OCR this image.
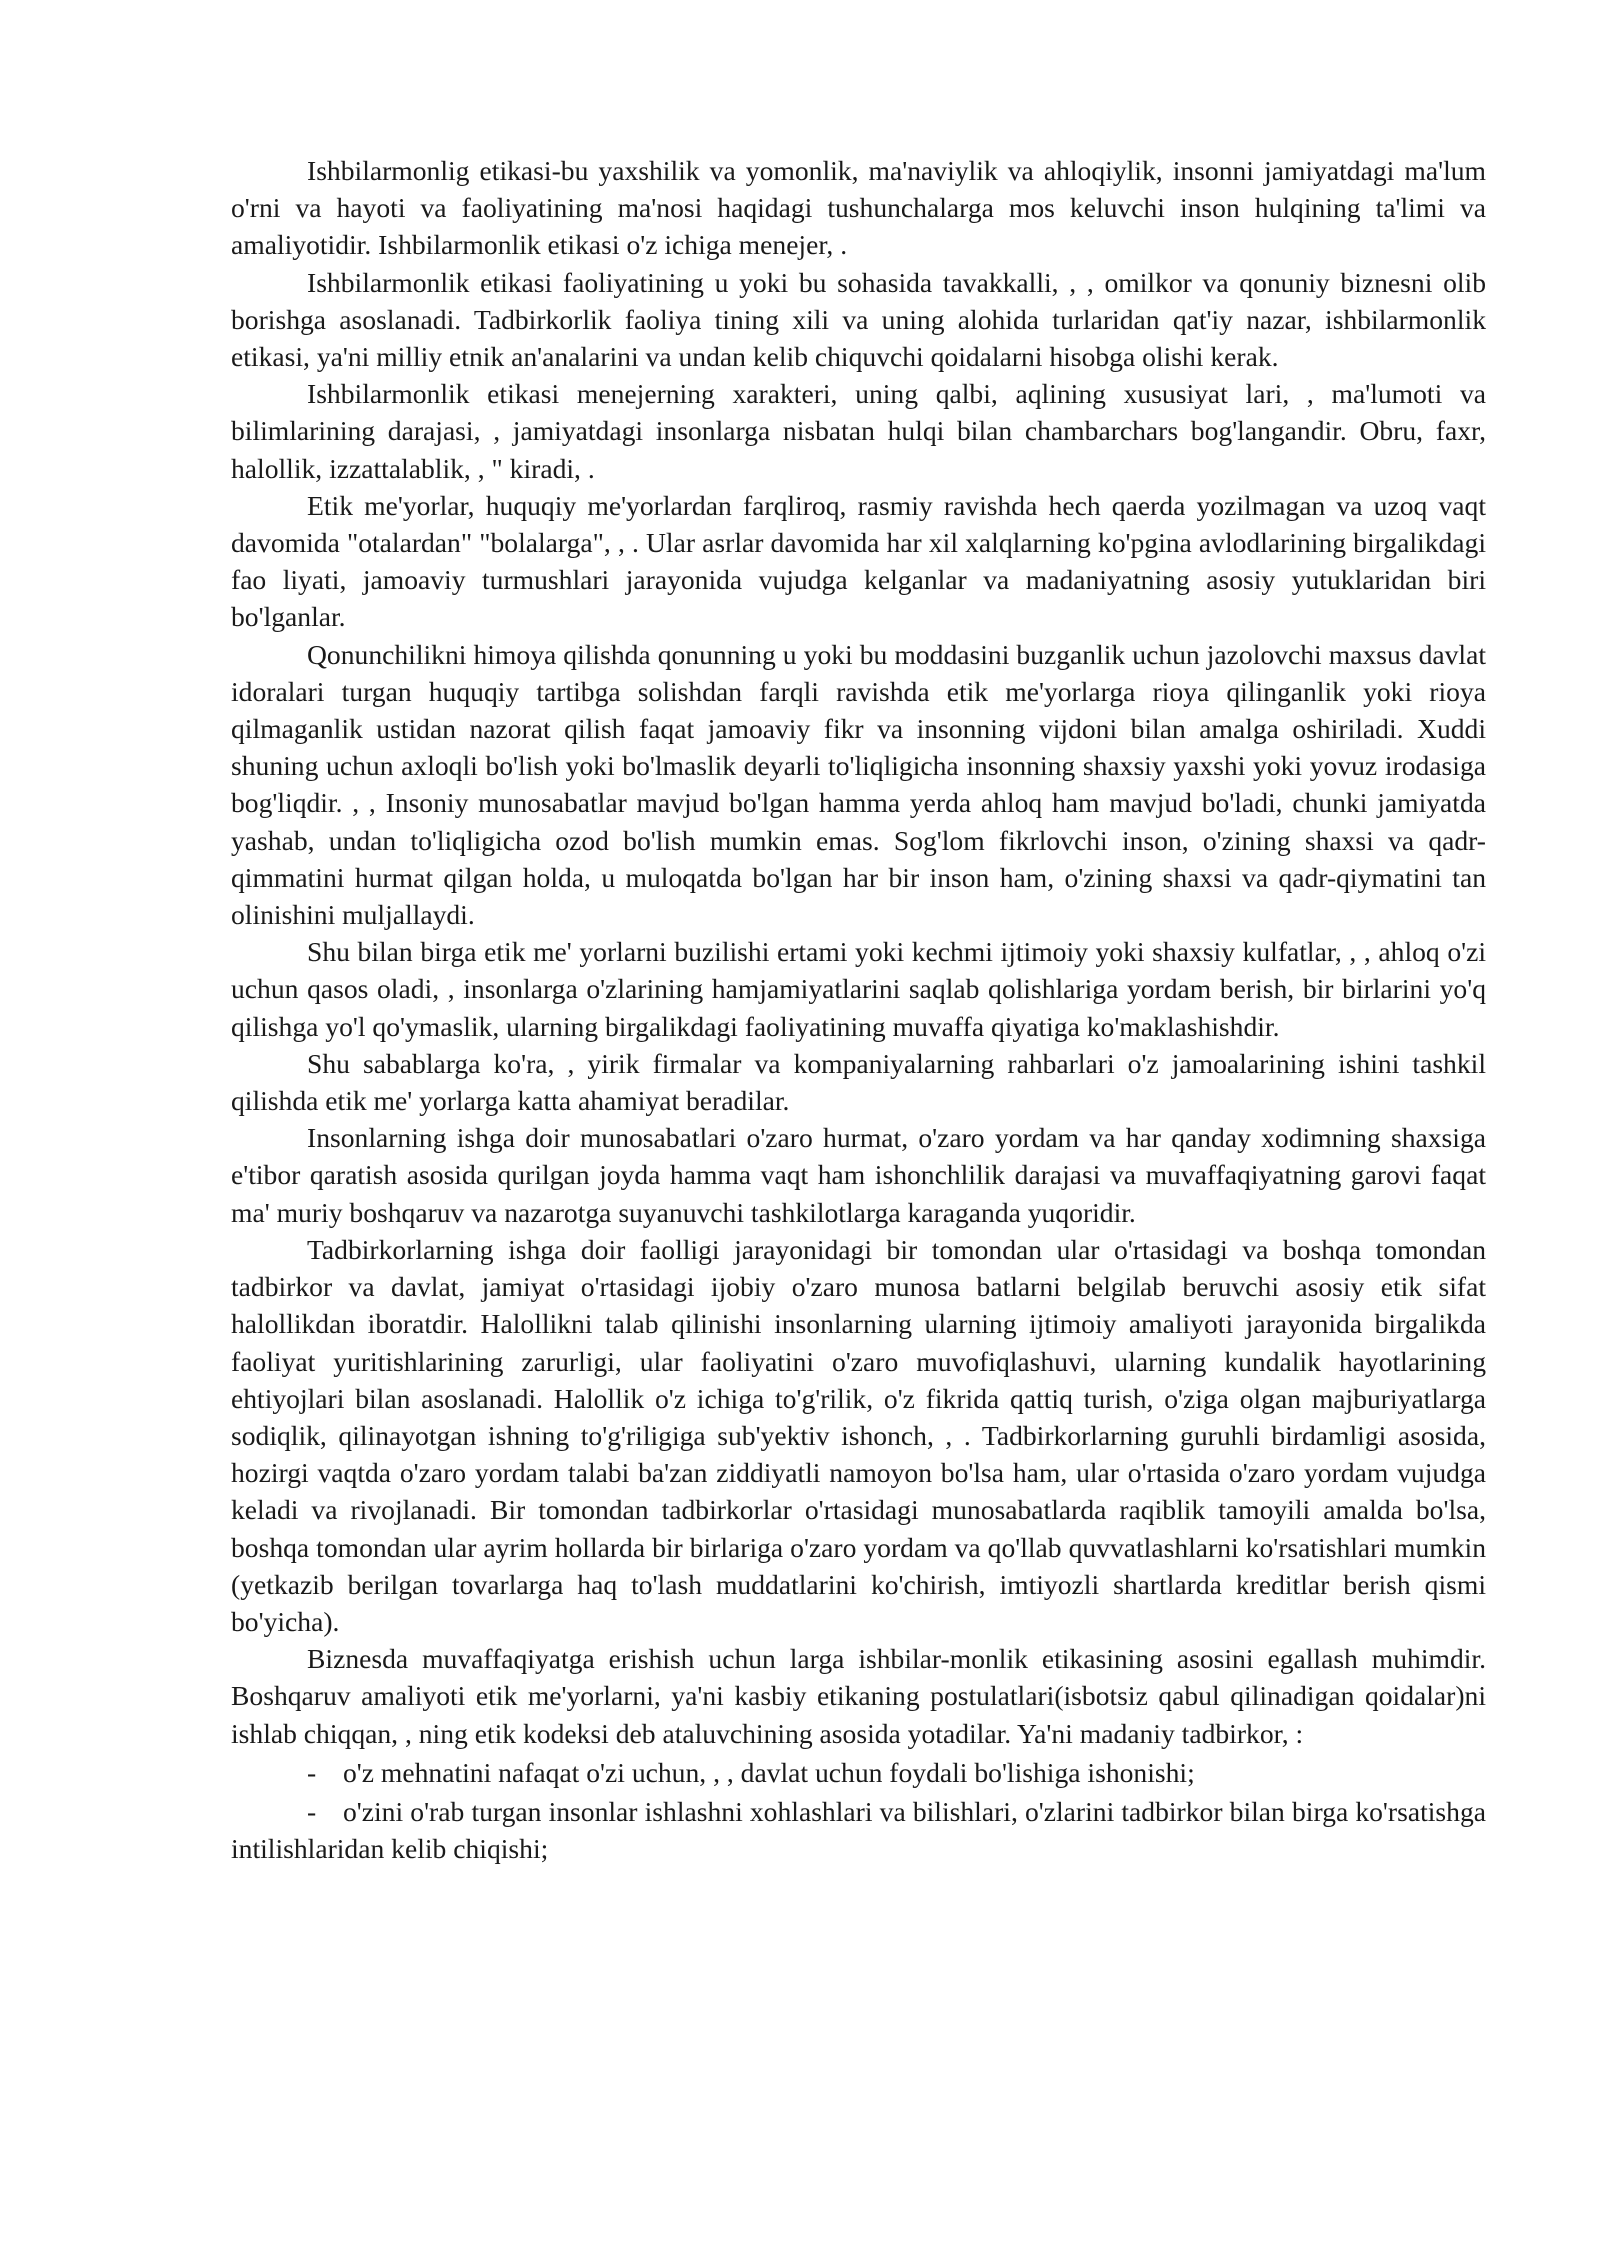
Ishbilarmonlig etikasi-bu yaxshilik va yomonlik, ma'naviylik va ahloqiylik, insonni jamiyatdagi ma'lum o'rni va hayoti va faoliyatining ma'nosi haqidagi tushunchalarga mos keluvchi inson hulqining ta'limi va amaliyotidir. Ishbilarmonlik etikasi o'z ichiga menejer, .

Ishbilarmonlik etikasi faoliyatining u yoki bu sohasida tavakkalli, , , omilkor va qonuniy biznesni olib borishga asoslanadi. Tadbirkorlik faoliya tining xili va uning alohida turlaridan qat'iy nazar, ishbilarmonlik etikasi, ya'ni milliy etnik an'analarini va undan kelib chiquvchi qoidalarni hisobga olishi kerak.

Ishbilarmonlik etikasi menejerning xarakteri, uning qalbi, aqlining xususiyat lari, , ma'lumoti va bilimlarining darajasi, , jamiyatdagi insonlarga nisbatan hulqi bilan chambarchars bog'langandir. Obru, faxr, halollik, izzattalablik, , " kiradi, .

Etik me'yorlar, huquqiy me'yorlardan farqliroq, rasmiy ravishda hech qaerda yozilmagan va uzoq vaqt davomida "otalardan" "bolalarga", , . Ular asrlar davomida har xil xalqlarning ko'pgina avlodlarining birgalikdagi fao liyati, jamoaviy turmushlari jarayonida vujudga kelganlar va madaniyatning asosiy yutuklaridan biri bo'lganlar.

Qonunchilikni himoya qilishda qonunning u yoki bu moddasini buzganlik uchun jazolovchi maxsus davlat idoralari turgan huquqiy tartibga solishdan farqli ravishda etik me'yorlarga rioya qilinganlik yoki rioya qilmaganlik ustidan nazorat qilish faqat jamoaviy fikr va insonning vijdoni bilan amalga oshiriladi. Xuddi shuning uchun axloqli bo'lish yoki bo'lmaslik deyarli to'liqligicha insonning shaxsiy yaxshi yoki yovuz irodasiga bog'liqdir. , , Insoniy munosabatlar mavjud bo'lgan hamma yerda ahloq ham mavjud bo'ladi, chunki jamiyatda yashab, undan to'liqligicha ozod bo'lish mumkin emas. Sog'lom fikrlovchi inson, o'zining shaxsi va qadr-qimmatini hurmat qilgan holda, u muloqatda bo'lgan har bir inson ham, o'zining shaxsi va qadr-qiymatini tan olinishini muljallaydi.

Shu bilan birga etik me' yorlarni buzilishi ertami yoki kechmi ijtimoiy yoki shaxsiy kulfatlar, , , ahloq o'zi uchun qasos oladi, , insonlarga o'zlarining hamjamiyatlarini saqlab qolishlariga yordam berish, bir birlarini yo'q qilishga yo'l qo'ymaslik, ularning birgalikdagi faoliyatining muvaffa qiyatiga ko'maklashishdir.

Shu sabablarga ko'ra, , yirik firmalar va kompaniyalarning rahbarlari o'z jamoalarining ishini tashkil qilishda etik me' yorlarga katta ahamiyat beradilar.

Insonlarning ishga doir munosabatlari o'zaro hurmat, o'zaro yordam va har qanday xodimning shaxsiga e'tibor qaratish asosida qurilgan joyda hamma vaqt ham ishonchlilik darajasi va muvaffaqiyatning garovi faqat ma' muriy boshqaruv va nazarotga suyanuvchi tashkilotlarga karaganda yuqoridir.

Tadbirkorlarning ishga doir faolligi jarayonidagi bir tomondan ular o'rtasidagi va boshqa tomondan tadbirkor va davlat, jamiyat o'rtasidagi ijobiy o'zaro munosa batlarni belgilab beruvchi asosiy etik sifat halollikdan iboratdir. Halollikni talab qilinishi insonlarning ularning ijtimoiy amaliyoti jarayonida birgalikda faoliyat yuritishlarining zarurligi, ular faoliyatini o'zaro muvofiqlashuvi, ularning kundalik hayotlarining ehtiyojlari bilan asoslanadi. Halollik o'z ichiga to'g'rilik, o'z fikrida qattiq turish, o'ziga olgan majburiyatlarga sodiqlik, qilinayotgan ishning to'g'riligiga sub'yektiv ishonch, , . Tadbirkorlarning guruhli birdamligi asosida, hozirgi vaqtda o'zaro yordam talabi ba'zan ziddiyatli namoyon bo'lsa ham, ular o'rtasida o'zaro yordam vujudga keladi va rivojlanadi. Bir tomondan tadbirkorlar o'rtasidagi munosabatlarda raqiblik tamoyili amalda bo'lsa, boshqa tomondan ular ayrim hollarda bir birlariga o'zaro yordam va qo'llab quvvatlashlarni ko'rsatishlari mumkin (yetkazib berilgan tovarlarga haq to'lash muddatlarini ko'chirish, imtiyozli shartlarda kreditlar berish qismi bo'yicha).

Biznesda muvaffaqiyatga erishish uchun larga ishbilar-monlik etikasining asosini egallash muhimdir. Boshqaruv amaliyoti etik me'yorlarni, ya'ni kasbiy etikaning postulatlari(isbotsiz qabul qilinadigan qoidalar)ni ishlab chiqqan, , ning etik kodeksi deb ataluvchining asosida yotadilar. Ya'ni madaniy tadbirkor, :

- o'z mehnatini nafaqat o'zi uchun, , , davlat uchun foydali bo'lishiga ishonishi;

- o'zini o'rab turgan insonlar ishlashni xohlashlari va bilishlari, o'zlarini tadbirkor bilan birga ko'rsatishga intilishlaridan kelib chiqishi;
